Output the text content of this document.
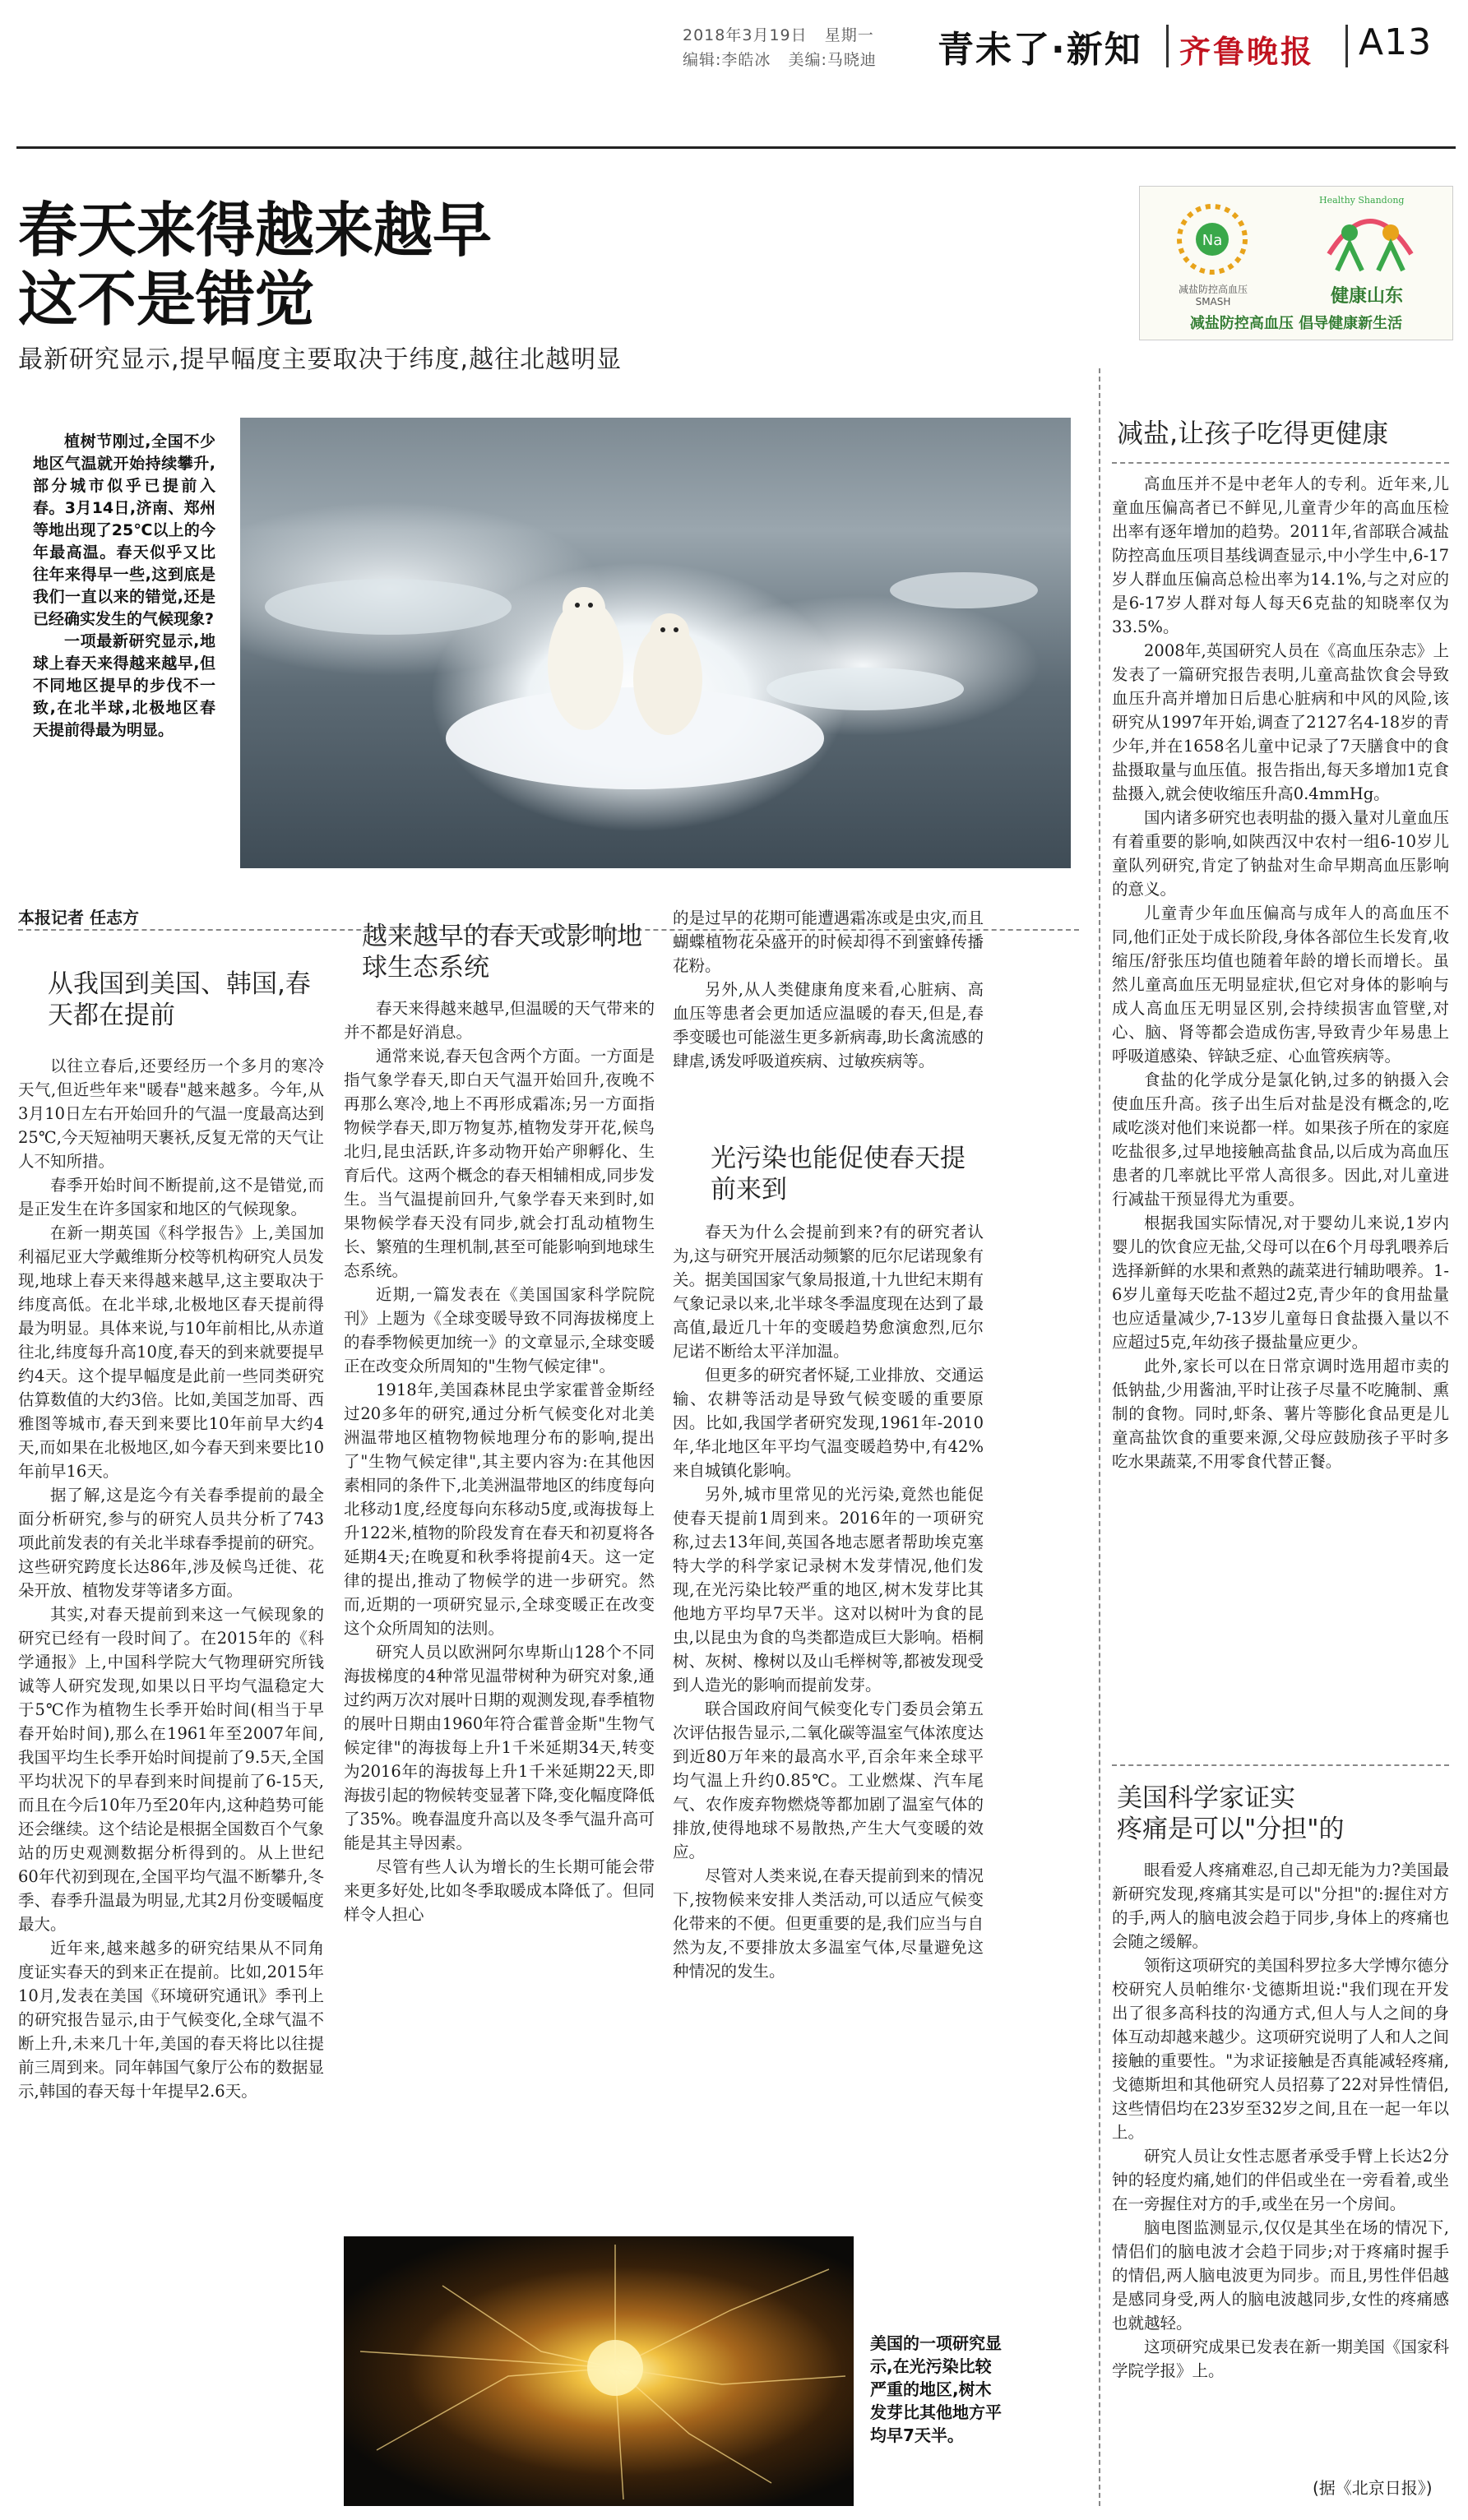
2018年3月19日 星期一
编辑:李皓冰 美编:马晓迪 青未了·新知 齐鲁晚报 A13
春天来得越来越早
这不是错觉
最新研究显示,提早幅度主要取决于纬度,越往北越明显

植树节刚过,全国不少地区气温就开始持续攀升,部分城市似乎已提前入春。3月14日,济南、郑州等地出现了25℃以上的今年最高温。春天似乎又比往年来得早一些,这到底是我们一直以来的错觉,还是已经确实发生的气候现象?

一项最新研究显示,地球上春天来得越来越早,但不同地区提早的步伐不一致,在北半球,北极地区春天提前得最为明显。

本报记者 任志方
从我国到美国、韩国,春天都在提前

以往立春后,还要经历一个多月的寒冷天气,但近些年来"暖春"越来越多。今年,从3月10日左右开始回升的气温一度最高达到25℃,今天短袖明天裹袄,反复无常的天气让人不知所措。

春季开始时间不断提前,这不是错觉,而是正发生在许多国家和地区的气候现象。

在新一期英国《科学报告》上,美国加利福尼亚大学戴维斯分校等机构研究人员发现,地球上春天来得越来越早,这主要取决于纬度高低。在北半球,北极地区春天提前得最为明显。具体来说,与10年前相比,从赤道往北,纬度每升高10度,春天的到来就要提早约4天。这个提早幅度是此前一些同类研究估算数值的大约3倍。比如,美国芝加哥、西雅图等城市,春天到来要比10年前早大约4天,而如果在北极地区,如今春天到来要比10年前早16天。

据了解,这是迄今有关春季提前的最全面分析研究,参与的研究人员共分析了743项此前发表的有关北半球春季提前的研究。这些研究跨度长达86年,涉及候鸟迁徙、花朵开放、植物发芽等诸多方面。

其实,对春天提前到来这一气候现象的研究已经有一段时间了。在2015年的《科学通报》上,中国科学院大气物理研究所钱诚等人研究发现,如果以日平均气温稳定大于5℃作为植物生长季开始时间(相当于早春开始时间),那么在1961年至2007年间,我国平均生长季开始时间提前了9.5天,全国平均状况下的早春到来时间提前了6-15天,而且在今后10年乃至20年内,这种趋势可能还会继续。这个结论是根据全国数百个气象站的历史观测数据分析得到的。从上世纪60年代初到现在,全国平均气温不断攀升,冬季、春季升温最为明显,尤其2月份变暖幅度最大。

近年来,越来越多的研究结果从不同角度证实春天的到来正在提前。比如,2015年10月,发表在美国《环境研究通讯》季刊上的研究报告显示,由于气候变化,全球气温不断上升,未来几十年,美国的春天将比以往提前三周到来。同年韩国气象厅公布的数据显示,韩国的春天每十年提早2.6天。

越来越早的春天或影响地球生态系统

春天来得越来越早,但温暖的天气带来的并不都是好消息。

通常来说,春天包含两个方面。一方面是指气象学春天,即白天气温开始回升,夜晚不再那么寒冷,地上不再形成霜冻;另一方面指物候学春天,即万物复苏,植物发芽开花,候鸟北归,昆虫活跃,许多动物开始产卵孵化、生育后代。这两个概念的春天相辅相成,同步发生。当气温提前回升,气象学春天来到时,如果物候学春天没有同步,就会打乱动植物生长、繁殖的生理机制,甚至可能影响到地球生态系统。

近期,一篇发表在《美国国家科学院院刊》上题为《全球变暖导致不同海拔梯度上的春季物候更加统一》的文章显示,全球变暖正在改变众所周知的"生物气候定律"。

1918年,美国森林昆虫学家霍普金斯经过20多年的研究,通过分析气候变化对北美洲温带地区植物物候地理分布的影响,提出了"生物气候定律",其主要内容为:在其他因素相同的条件下,北美洲温带地区的纬度每向北移动1度,经度每向东移动5度,或海拔每上升122米,植物的阶段发育在春天和初夏将各延期4天;在晚夏和秋季将提前4天。这一定律的提出,推动了物候学的进一步研究。然而,近期的一项研究显示,全球变暖正在改变这个众所周知的法则。

研究人员以欧洲阿尔卑斯山128个不同海拔梯度的4种常见温带树种为研究对象,通过约两万次对展叶日期的观测发现,春季植物的展叶日期由1960年符合霍普金斯"生物气候定律"的海拔每上升1千米延期34天,转变为2016年的海拔每上升1千米延期22天,即海拔引起的物候转变显著下降,变化幅度降低了35%。晚春温度升高以及冬季气温升高可能是其主导因素。

尽管有些人认为增长的生长期可能会带来更多好处,比如冬季取暖成本降低了。但同样令人担心

的是过早的花期可能遭遇霜冻或是虫灾,而且蝴蝶植物花朵盛开的时候却得不到蜜蜂传播花粉。

另外,从人类健康角度来看,心脏病、高血压等患者会更加适应温暖的春天,但是,春季变暖也可能滋生更多新病毒,助长禽流感的肆虐,诱发呼吸道疾病、过敏疾病等。

光污染也能促使春天提前来到

春天为什么会提前到来?有的研究者认为,这与研究开展活动频繁的厄尔尼诺现象有关。据美国国家气象局报道,十九世纪末期有气象记录以来,北半球冬季温度现在达到了最高值,最近几十年的变暖趋势愈演愈烈,厄尔尼诺不断给太平洋加温。

但更多的研究者怀疑,工业排放、交通运输、农耕等活动是导致气候变暖的重要原因。比如,我国学者研究发现,1961年-2010年,华北地区年平均气温变暖趋势中,有42%来自城镇化影响。

另外,城市里常见的光污染,竟然也能促使春天提前1周到来。2016年的一项研究称,过去13年间,英国各地志愿者帮助埃克塞特大学的科学家记录树木发芽情况,他们发现,在光污染比较严重的地区,树木发芽比其他地方平均早7天半。这对以树叶为食的昆虫,以昆虫为食的鸟类都造成巨大影响。梧桐树、灰树、橡树以及山毛榉树等,都被发现受到人造光的影响而提前发芽。

联合国政府间气候变化专门委员会第五次评估报告显示,二氧化碳等温室气体浓度达到近80万年来的最高水平,百余年来全球平均气温上升约0.85℃。工业燃煤、汽车尾气、农作废弃物燃烧等都加剧了温室气体的排放,使得地球不易散热,产生大气变暖的效应。

尽管对人类来说,在春天提前到来的情况下,按物候来安排人类活动,可以适应气候变化带来的不便。但更重要的是,我们应当与自然为友,不要排放太多温室气体,尽量避免这种情况的发生。

美国的一项研究显示,在光污染比较严重的地区,树木发芽比其他地方平均早7天半。
Na
减盐防控高血压
SMASH
Healthy Shandong
健康山东
减盐防控高血压 倡导健康新生活
减盐,让孩子吃得更健康

高血压并不是中老年人的专利。近年来,儿童血压偏高者已不鲜见,儿童青少年的高血压检出率有逐年增加的趋势。2011年,省部联合减盐防控高血压项目基线调查显示,中小学生中,6-17岁人群血压偏高总检出率为14.1%,与之对应的是6-17岁人群对每人每天6克盐的知晓率仅为33.5%。

2008年,英国研究人员在《高血压杂志》上发表了一篇研究报告表明,儿童高盐饮食会导致血压升高并增加日后患心脏病和中风的风险,该研究从1997年开始,调查了2127名4-18岁的青少年,并在1658名儿童中记录了7天膳食中的食盐摄取量与血压值。报告指出,每天多增加1克食盐摄入,就会使收缩压升高0.4mmHg。

国内诸多研究也表明盐的摄入量对儿童血压有着重要的影响,如陕西汉中农村一组6-10岁儿童队列研究,肯定了钠盐对生命早期高血压影响的意义。

儿童青少年血压偏高与成年人的高血压不同,他们正处于成长阶段,身体各部位生长发育,收缩压/舒张压均值也随着年龄的增长而增长。虽然儿童高血压无明显症状,但它对身体的影响与成人高血压无明显区别,会持续损害血管壁,对心、脑、肾等都会造成伤害,导致青少年易患上呼吸道感染、锌缺乏症、心血管疾病等。

食盐的化学成分是氯化钠,过多的钠摄入会使血压升高。孩子出生后对盐是没有概念的,吃咸吃淡对他们来说都一样。如果孩子所在的家庭吃盐很多,过早地接触高盐食品,以后成为高血压患者的几率就比平常人高很多。因此,对儿童进行减盐干预显得尤为重要。

根据我国实际情况,对于婴幼儿来说,1岁内婴儿的饮食应无盐,父母可以在6个月母乳喂养后选择新鲜的水果和煮熟的蔬菜进行辅助喂养。1-6岁儿童每天吃盐不超过2克,青少年的食用盐量也应适量减少,7-13岁儿童每日食盐摄入量以不应超过5克,年幼孩子摄盐量应更少。

此外,家长可以在日常京调时选用超市卖的低钠盐,少用酱油,平时让孩子尽量不吃腌制、熏制的食物。同时,虾条、薯片等膨化食品更是儿童高盐饮食的重要来源,父母应鼓励孩子平时多吃水果蔬菜,不用零食代替正餐。

美国科学家证实
疼痛是可以"分担"的

眼看爱人疼痛难忍,自己却无能为力?美国最新研究发现,疼痛其实是可以"分担"的:握住对方的手,两人的脑电波会趋于同步,身体上的疼痛也会随之缓解。

领衔这项研究的美国科罗拉多大学博尔德分校研究人员帕维尔·戈德斯坦说:"我们现在开发出了很多高科技的沟通方式,但人与人之间的身体互动却越来越少。这项研究说明了人和人之间接触的重要性。"为求证接触是否真能减轻疼痛,戈德斯坦和其他研究人员招募了22对异性情侣,这些情侣均在23岁至32岁之间,且在一起一年以上。

研究人员让女性志愿者承受手臂上长达2分钟的轻度灼痛,她们的伴侣或坐在一旁看着,或坐在一旁握住对方的手,或坐在另一个房间。

脑电图监测显示,仅仅是其坐在场的情况下,情侣们的脑电波才会趋于同步;对于疼痛时握手的情侣,两人脑电波更为同步。而且,男性伴侣越是感同身受,两人的脑电波越同步,女性的疼痛感也就越轻。

这项研究成果已发表在新一期美国《国家科学院学报》上。

(据《北京日报》)
